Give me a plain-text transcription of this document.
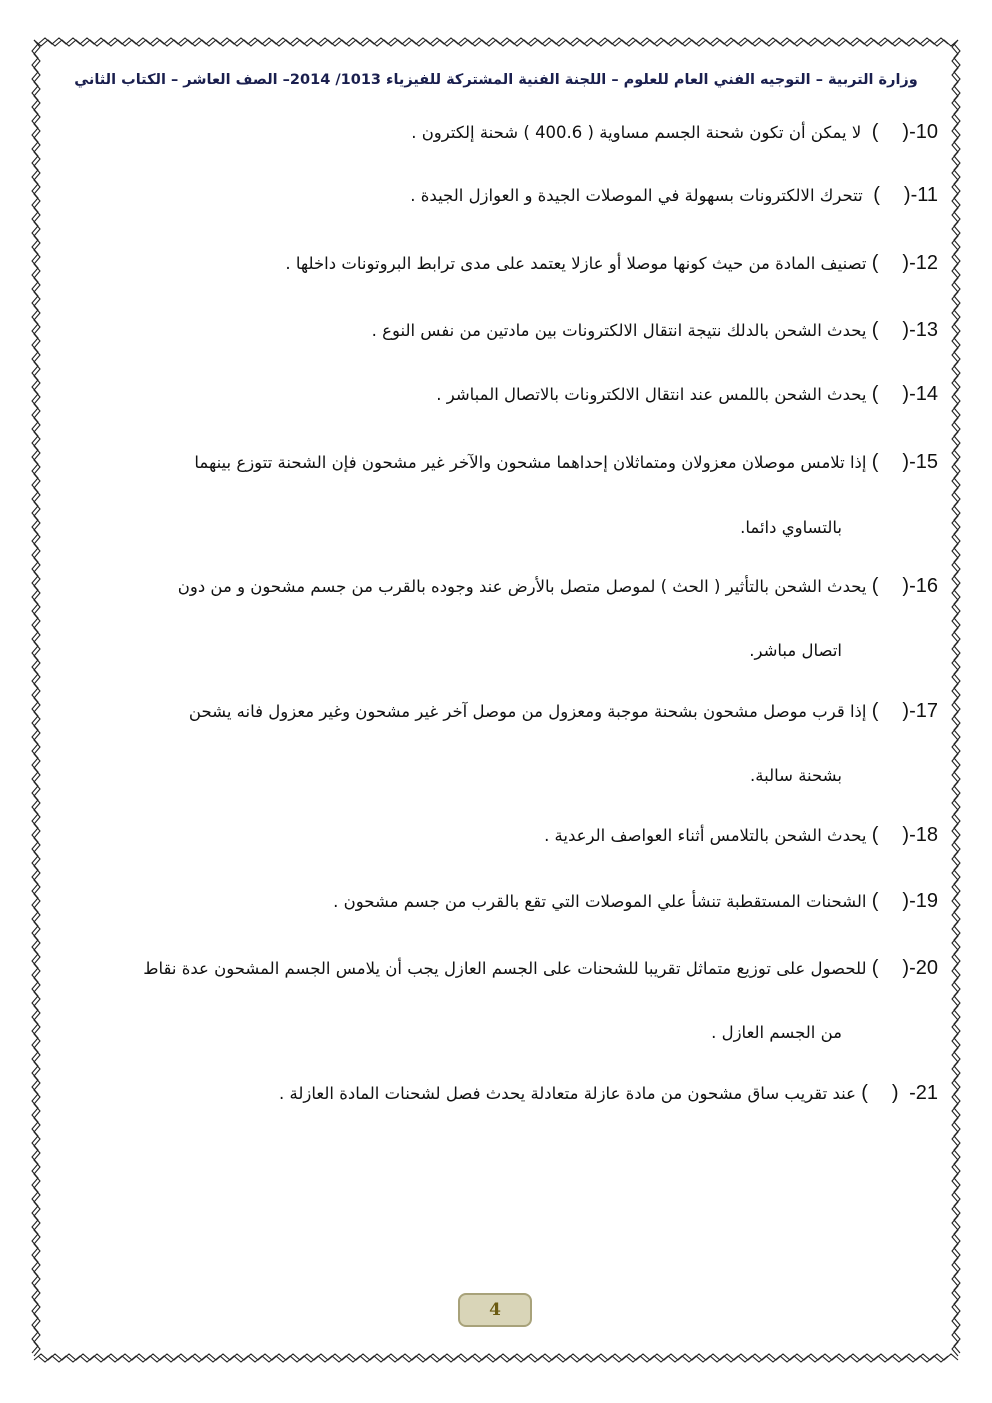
وزارة التربية – التوجيه الفني العام للعلوم – اللجنة الفنية المشتركة للفيزياء 1013/ 2014– الصف العاشر – الكتاب الثاني
10-()  لا يمكن أن تكون شحنة الجسم مساوية ( 400.6 ) شحنة إلكترون .
11-()  تتحرك الالكترونات بسهولة في الموصلات الجيدة و العوازل الجيدة .
12-() تصنيف المادة من حيث كونها موصلا أو عازلا يعتمد على مدى ترابط البروتونات داخلها .
13-() يحدث الشحن بالدلك نتيجة انتقال الالكترونات بين مادتين من نفس النوع .
14-() يحدث الشحن باللمس عند انتقال الالكترونات بالاتصال المباشر .
15-() إذا تلامس موصلان معزولان ومتماثلان إحداهما مشحون والآخر غير مشحون فإن الشحنة تتوزع بينهما
بالتساوي دائما.
16-() يحدث الشحن بالتأثير ( الحث ) لموصل متصل بالأرض عند وجوده بالقرب من جسم مشحون و من دون
اتصال مباشر.
17-() إذا قرب موصل مشحون بشحنة موجبة ومعزول من موصل آخر غير مشحون وغير معزول فانه يشحن
بشحنة سالبة.
18-() يحدث الشحن بالتلامس أثناء العواصف الرعدية .
19-() الشحنات المستقطبة تنشأ علي الموصلات التي تقع بالقرب من جسم مشحون .
20-() للحصول على توزيع متماثل تقريبا للشحنات على الجسم العازل يجب أن يلامس الجسم المشحون عدة نقاط
من الجسم العازل .
21-  () عند تقريب ساق مشحون من مادة عازلة متعادلة يحدث فصل لشحنات المادة العازلة .
4
